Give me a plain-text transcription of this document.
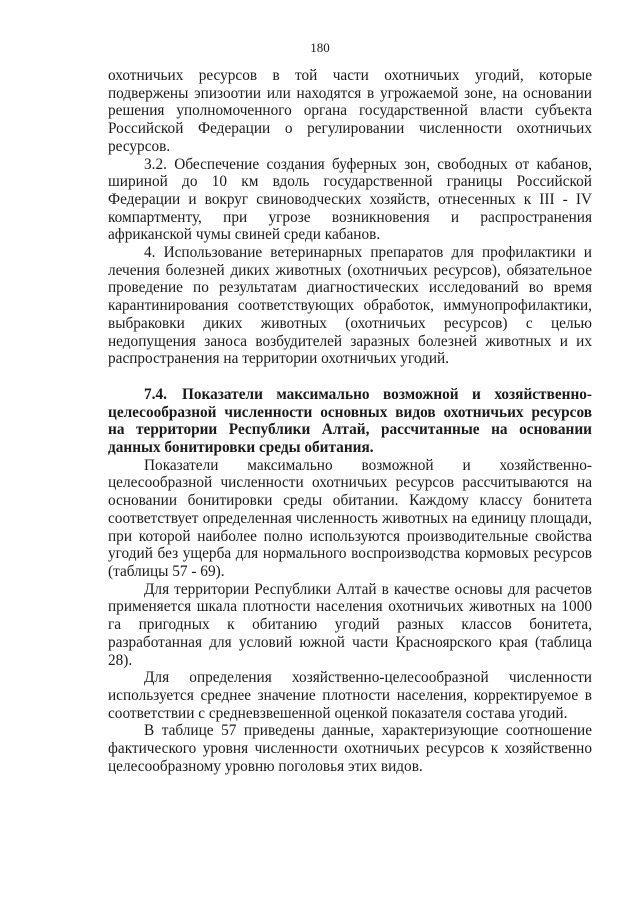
180

охотничьих ресурсов в той части охотничьих угодий, которые подвержены эпизоотии или находятся в угрожаемой зоне, на основании решения уполномоченного органа государственной власти субъекта Российской Федерации о регулировании численности охотничьих ресурсов.

3.2. Обеспечение создания буферных зон, свободных от кабанов, шириной до 10 км вдоль государственной границы Российской Федерации и вокруг свиноводческих хозяйств, отнесенных к III - IV компартменту, при угрозе возникновения и распространения африканской чумы свиней среди кабанов.

4. Использование ветеринарных препаратов для профилактики и лечения болезней диких животных (охотничьих ресурсов), обязательное проведение по результатам диагностических исследований во время карантинирования соответствующих обработок, иммунопрофилактики, выбраковки диких животных (охотничьих ресурсов) с целью недопущения заноса возбудителей заразных болезней животных и их распространения на территории охотничьих угодий.

7.4. Показатели максимально возможной и хозяйственно-целесообразной численности основных видов охотничьих ресурсов на территории Республики Алтай, рассчитанные на основании данных бонитировки среды обитания.

Показатели максимально возможной и хозяйственно-целесообразной численности охотничьих ресурсов рассчитываются на основании бонитировки среды обитании. Каждому классу бонитета соответствует определенная численность животных на единицу площади, при которой наиболее полно используются производительные свойства угодий без ущерба для нормального воспроизводства кормовых ресурсов (таблицы 57 - 69).

Для территории Республики Алтай в качестве основы для расчетов применяется шкала плотности населения охотничьих животных на 1000 га пригодных к обитанию угодий разных классов бонитета, разработанная для условий южной части Красноярского края (таблица 28).

Для определения хозяйственно-целесообразной численности используется среднее значение плотности населения, корректируемое в соответствии с средневзвешенной оценкой показателя состава угодий.

В таблице 57 приведены данные, характеризующие соотношение фактического уровня численности охотничьих ресурсов к хозяйственно целесообразному уровню поголовья этих видов.
